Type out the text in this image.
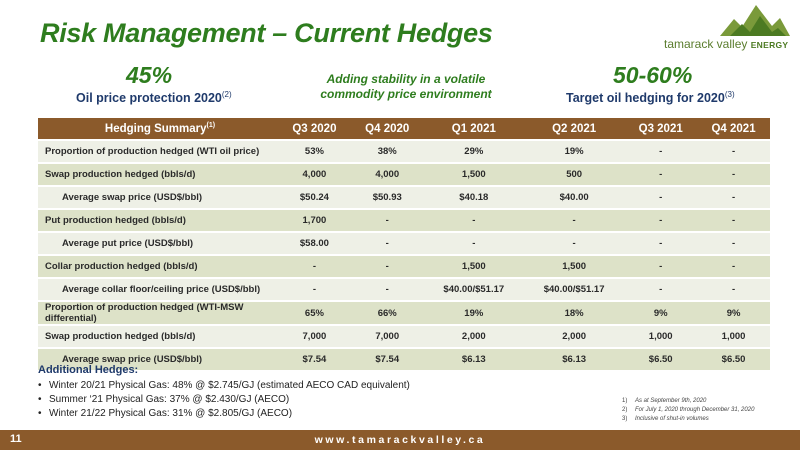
Risk Management – Current Hedges	tamarack valley ENERGY
45%
Oil price protection 2020$^{(2)}$
Adding stability in a volatile
commodity price environment
50-60%
Target oil hedging for 2020$^{(3)}$
Hedging Summary$^{(1)}$	Q3 2020	Q4 2020	Q1 2021	Q2 2021	Q3 2021	Q4 2021
Proportion of production hedged (WTI oil price)	53%	38%	29%	19%	-	-
Swap production hedged (bbls/d)	4,000	4,000	1,500	500	-	-
Average swap price (USD$/bbl)	$50.24	$50.93	$40.18	$40.00	-	-
Put production hedged (bbls/d)	1,700	-	-	-	-	-
Average put price (USD$/bbl)	$58.00	-	-	-	-	-
Collar production hedged (bbls/d)	-	-	1,500	1,500	-	-
Average collar floor/ceiling price (USD$/bbl)	-	-	$40.00/$51.17	$40.00/$51.17	-	-
Proportion of production hedged (WTI-MSW differential)	65%	66%	19%	18%	9%	9%
Swap production hedged (bbls/d)	7,000	7,000	2,000	2,000	1,000	1,000
Average swap price (USD$/bbl)	$7.54	$7.54	$6.13	$6.13	$6.50	$6.50
Additional Hedges:
• Winter 20/21 Physical Gas: 48% @ $2.745/GJ (estimated AECO CAD equivalent)
• Summer ‘21 Physical Gas: 37% @ $2.430/GJ (AECO)
• Winter 21/22 Physical Gas: 31% @ $2.805/GJ (AECO)
1) As at September 9th, 2020
2) For July 1, 2020 through December 31, 2020
3) Inclusive of shut-in volumes
www.tamarackvalley.ca
11
